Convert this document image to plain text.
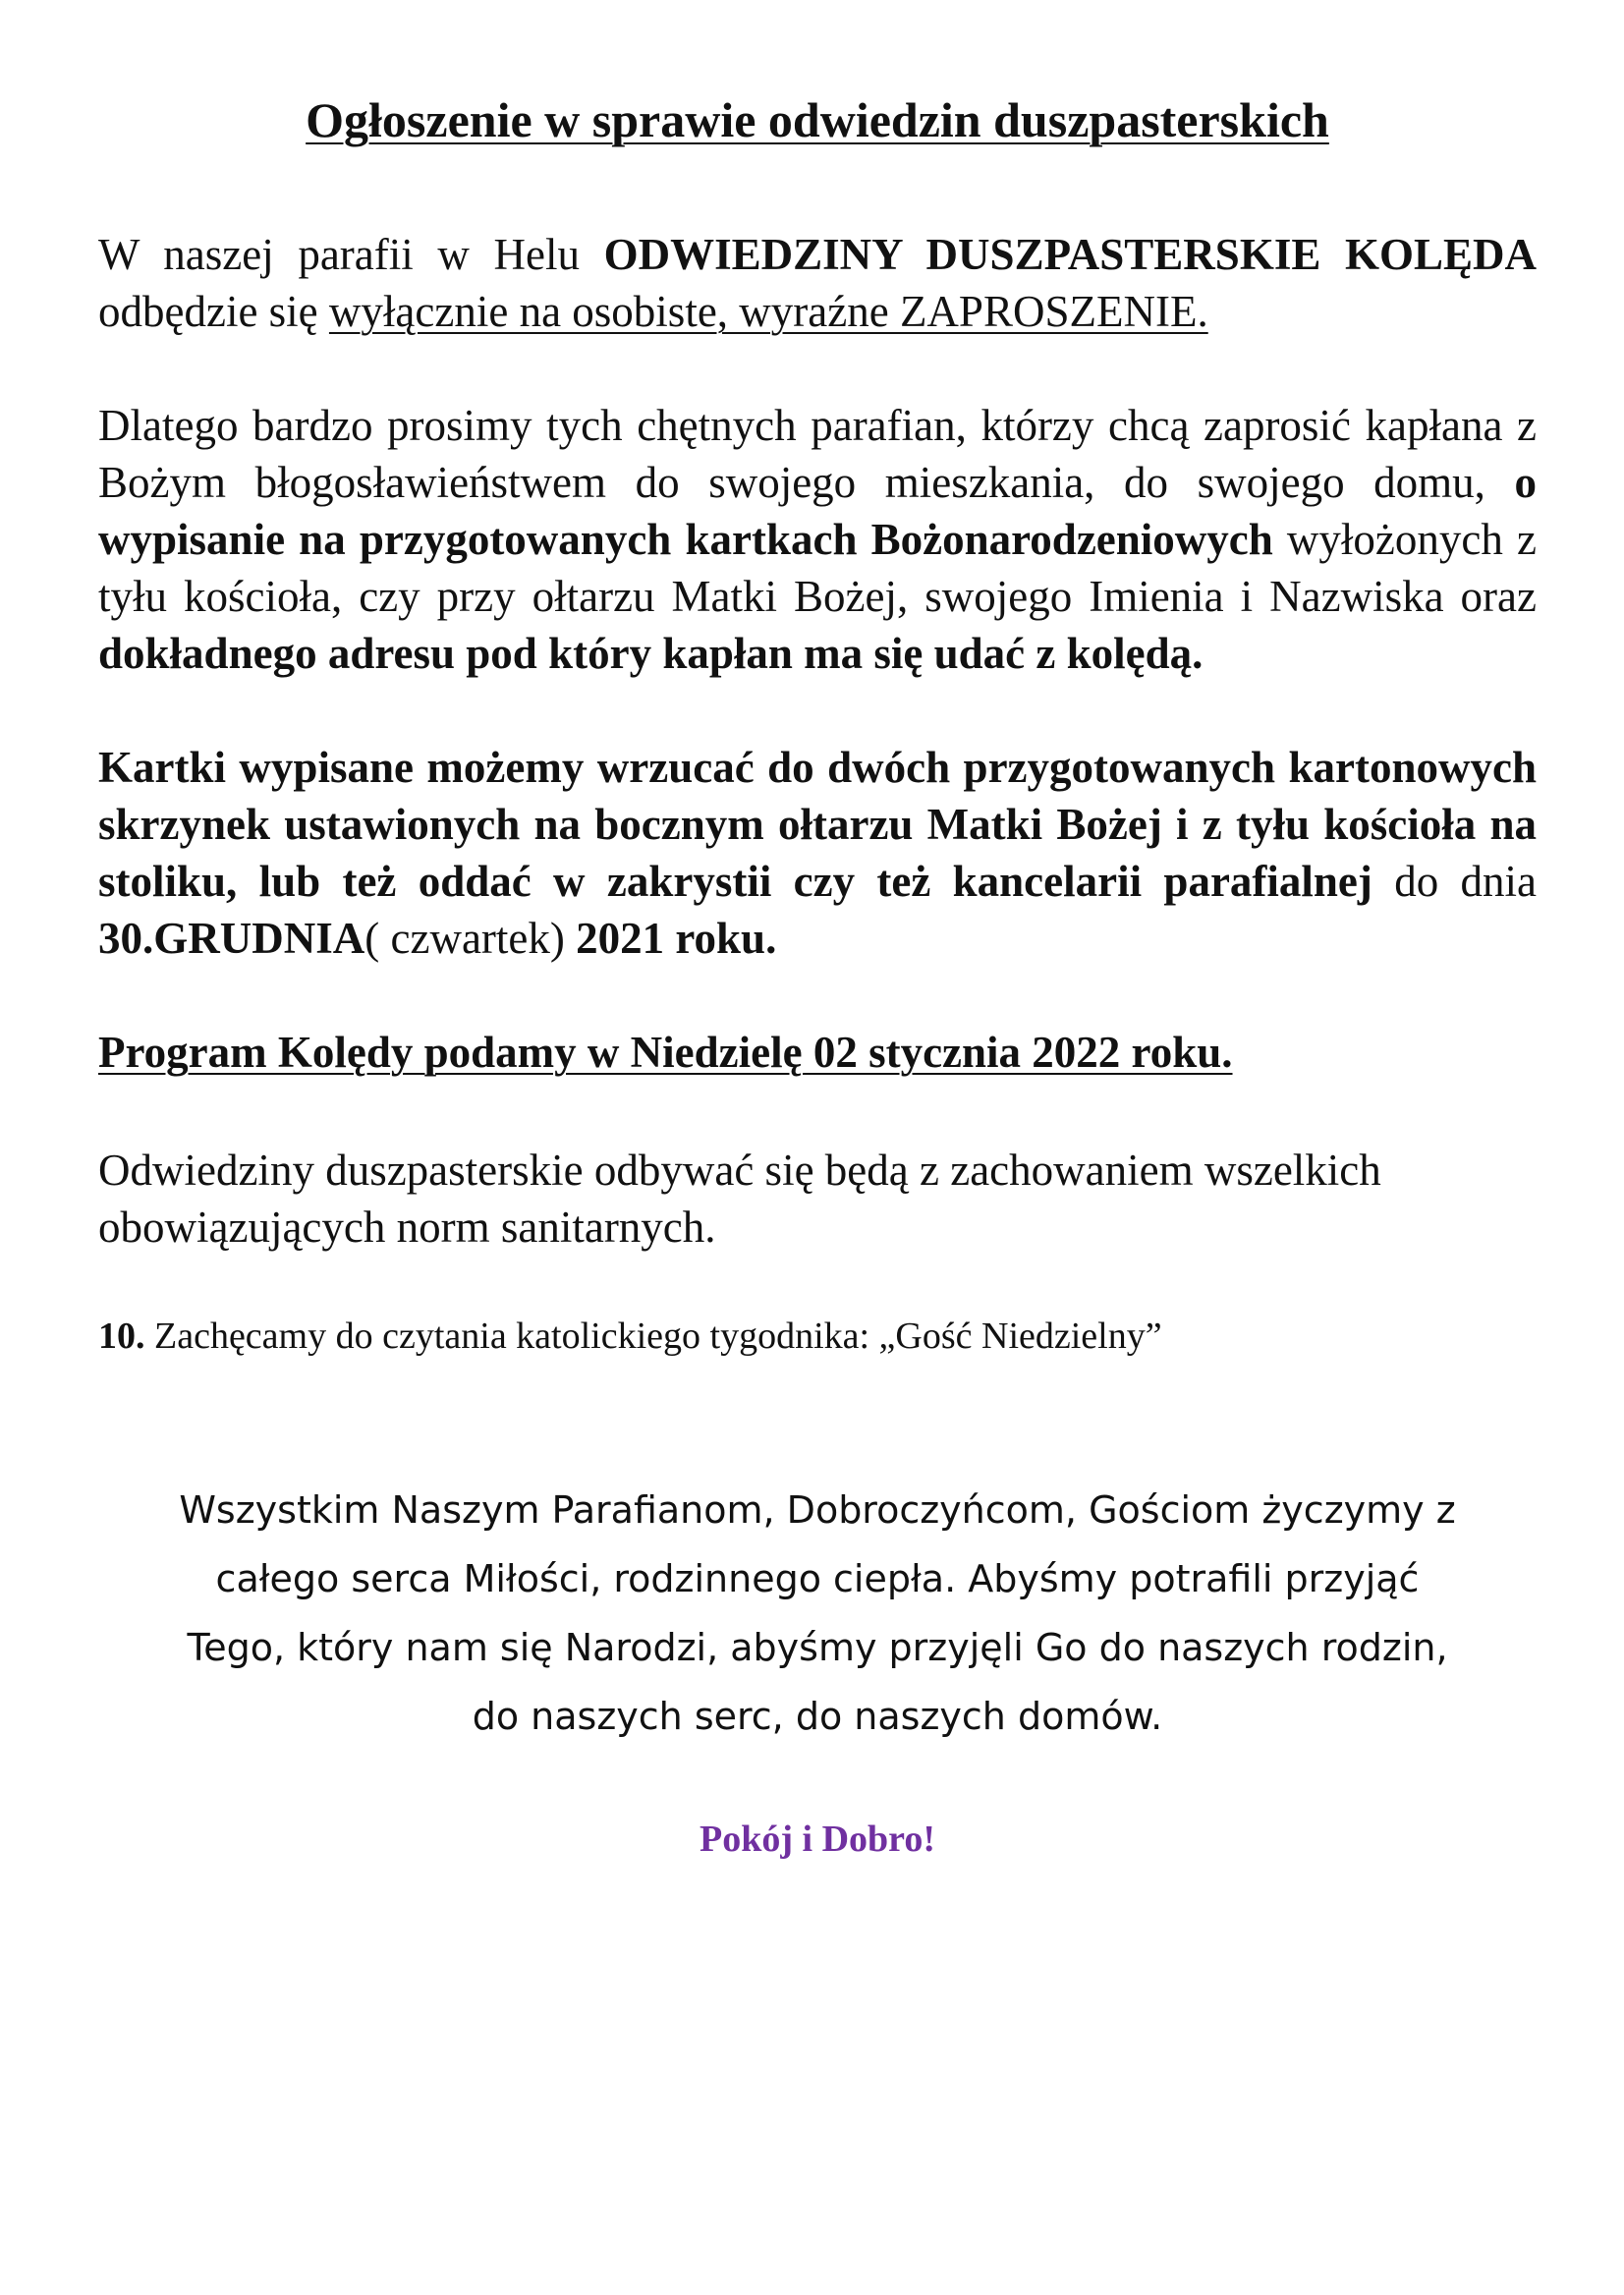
Ogłoszenie w sprawie odwiedzin duszpasterskich

W naszej parafii w Helu ODWIEDZINY DUSZPASTERSKIE KOLĘDA odbędzie się wyłącznie na osobiste, wyraźne ZAPROSZENIE.

Dlatego bardzo prosimy tych chętnych parafian, którzy chcą zaprosić kapłana z Bożym błogosławieństwem do swojego mieszkania, do swojego domu, o wypisanie na przygotowanych kartkach Bożonarodzeniowych wyłożonych z tyłu kościoła, czy przy ołtarzu Matki Bożej, swojego Imienia i Nazwiska oraz dokładnego adresu pod który kapłan ma się udać z kolędą.

Kartki wypisane możemy wrzucać do dwóch przygotowanych kartonowych skrzynek ustawionych na bocznym ołtarzu Matki Bożej i z tyłu kościoła na stoliku, lub też oddać w zakrystii czy też kancelarii parafialnej do dnia 30.GRUDNIA( czwartek) 2021 roku.

Program Kolędy podamy w Niedzielę 02 stycznia 2022 roku.

Odwiedziny duszpasterskie odbywać się będą z zachowaniem wszelkich obowiązujących norm sanitarnych.

10. Zachęcamy do czytania katolickiego tygodnika: „Gość Niedzielny”

Wszystkim Naszym Parafianom, Dobroczyńcom, Gościom życzymy z
całego serca Miłości, rodzinnego ciepła. Abyśmy potrafili przyjąć
Tego, który nam się Narodzi, abyśmy przyjęli Go do naszych rodzin,
do naszych serc, do naszych domów.

Pokój i Dobro!
